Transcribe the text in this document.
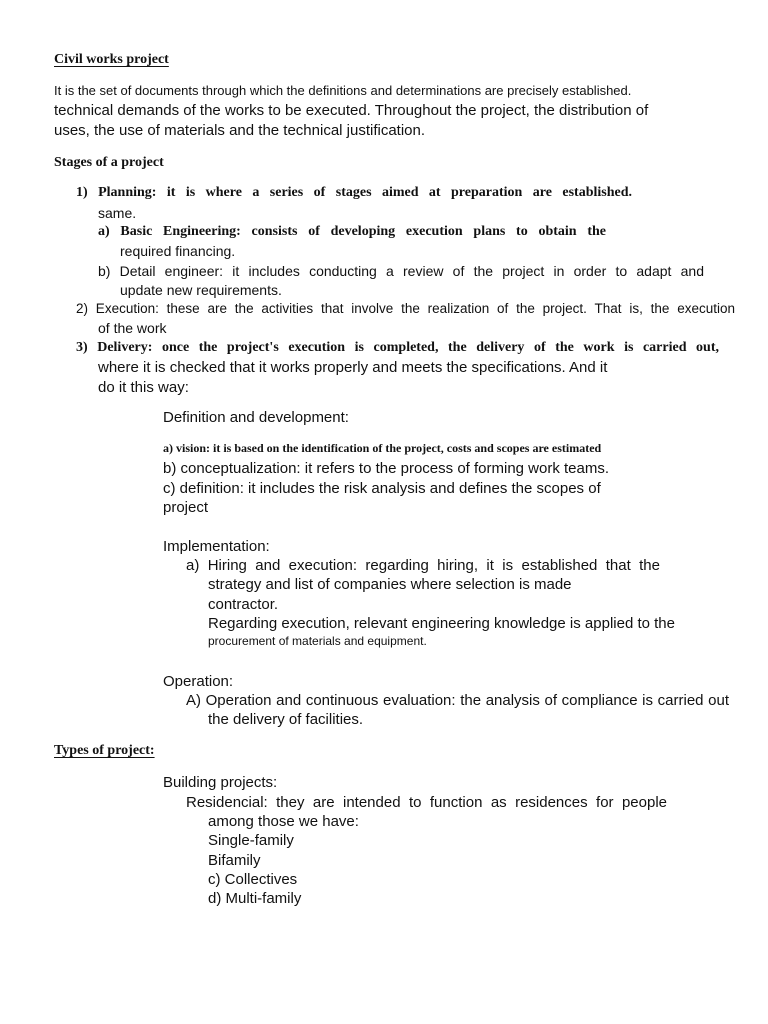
Civil works project
It is the set of documents through which the definitions and determinations are precisely established.
technical demands of the works to be executed. Throughout the project, the distribution of
uses, the use of materials and the technical justification.
Stages of a project
1) Planning: it is where a series of stages aimed at preparation are established.
same.
a) Basic Engineering: consists of developing execution plans to obtain the
required financing.
b) Detail engineer: it includes conducting a review of the project in order to adapt and
update new requirements.
2) Execution: these are the activities that involve the realization of the project. That is, the execution
of the work
3) Delivery: once the project's execution is completed, the delivery of the work is carried out,
where it is checked that it works properly and meets the specifications. And it
do it this way:
Definition and development:
a) vision: it is based on the identification of the project, costs and scopes are estimated
b) conceptualization: it refers to the process of forming work teams.
c) definition: it includes the risk analysis and defines the scopes of
project
Implementation:
a) Hiring and execution: regarding hiring, it is established that the
strategy and list of companies where selection is made
contractor.
Regarding execution, relevant engineering knowledge is applied to the
procurement of materials and equipment.
Operation:
A) Operation and continuous evaluation: the analysis of compliance is carried out
the delivery of facilities.
Types of project:
Building projects:
Residencial: they are intended to function as residences for people
among those we have:
Single-family
Bifamily
c) Collectives
d) Multi-family
